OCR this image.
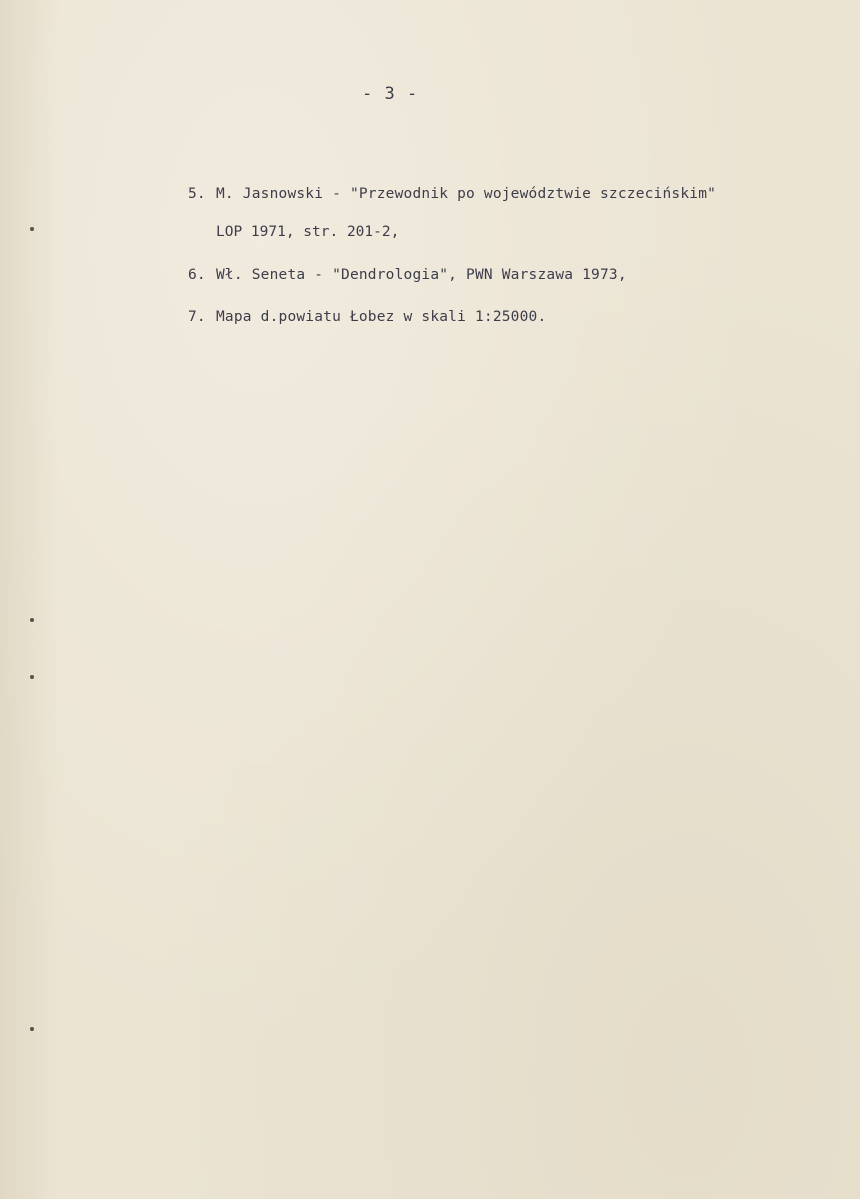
- 3 -
5. M. Jasnowski - "Przewodnik po województwie szczecińskim"
LOP 1971, str. 201-2,
6. Wł. Seneta - "Dendrologia", PWN Warszawa 1973,
7. Mapa d.powiatu Łobez w skali 1:25000.
